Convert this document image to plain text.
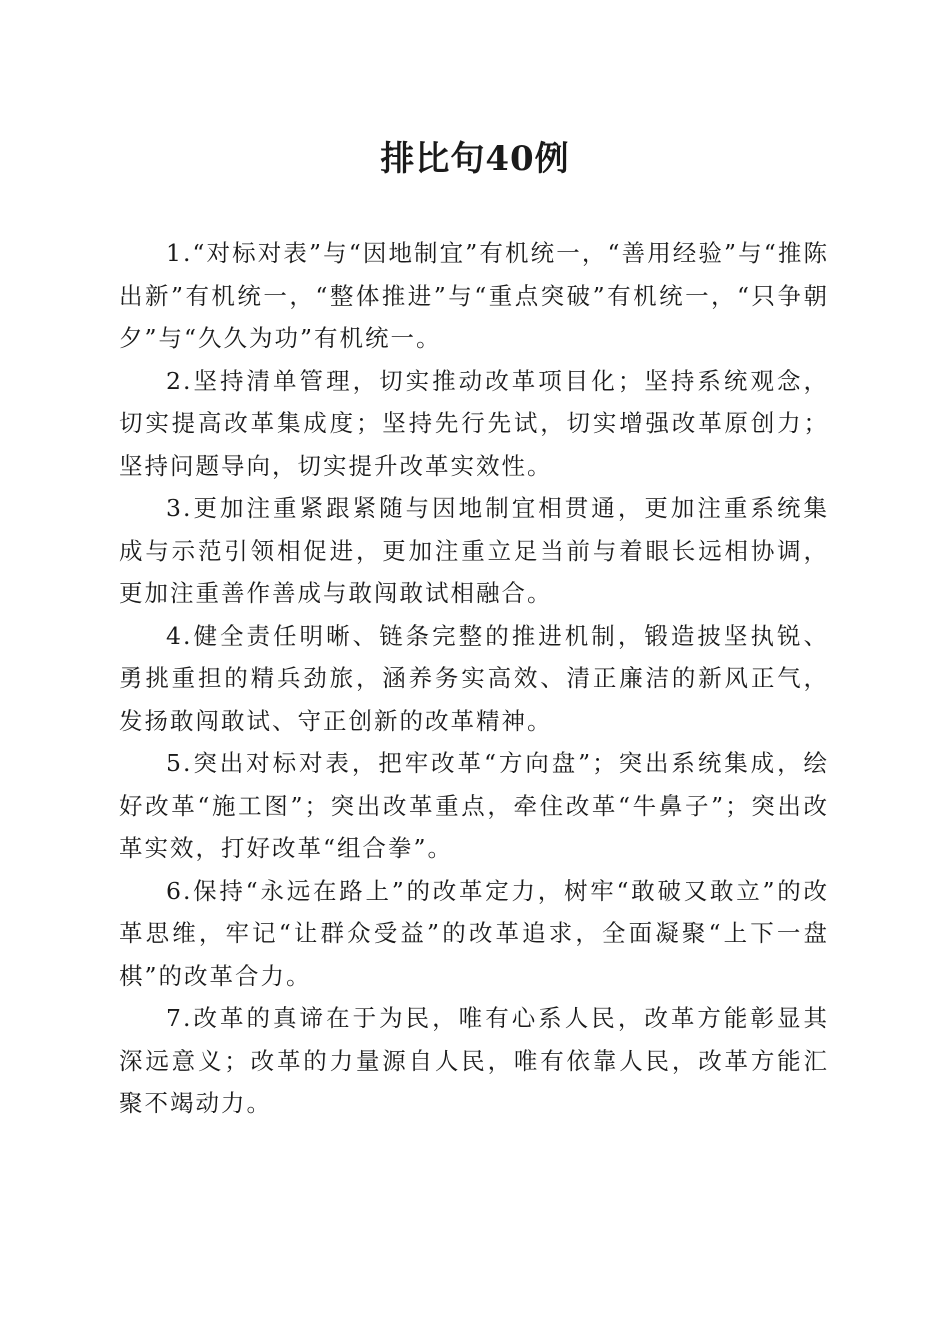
排比句40例

1.“对标对表”与“因地制宜”有机统一，“善用经验”与“推陈出新”有机统一，“整体推进”与“重点突破”有机统一，“只争朝夕”与“久久为功”有机统一。

2.坚持清单管理，切实推动改革项目化；坚持系统观念，切实提高改革集成度；坚持先行先试，切实增强改革原创力；坚持问题导向，切实提升改革实效性。

3.更加注重紧跟紧随与因地制宜相贯通，更加注重系统集成与示范引领相促进，更加注重立足当前与着眼长远相协调，更加注重善作善成与敢闯敢试相融合。

4.健全责任明晰、链条完整的推进机制，锻造披坚执锐、勇挑重担的精兵劲旅，涵养务实高效、清正廉洁的新风正气，发扬敢闯敢试、守正创新的改革精神。

5.突出对标对表，把牢改革“方向盘”；突出系统集成，绘好改革“施工图”；突出改革重点，牵住改革“牛鼻子”；突出改革实效，打好改革“组合拳”。

6.保持“永远在路上”的改革定力，树牢“敢破又敢立”的改革思维，牢记“让群众受益”的改革追求，全面凝聚“上下一盘棋”的改革合力。

7.改革的真谛在于为民，唯有心系人民，改革方能彰显其深远意义；改革的力量源自人民，唯有依靠人民，改革方能汇聚不竭动力。
